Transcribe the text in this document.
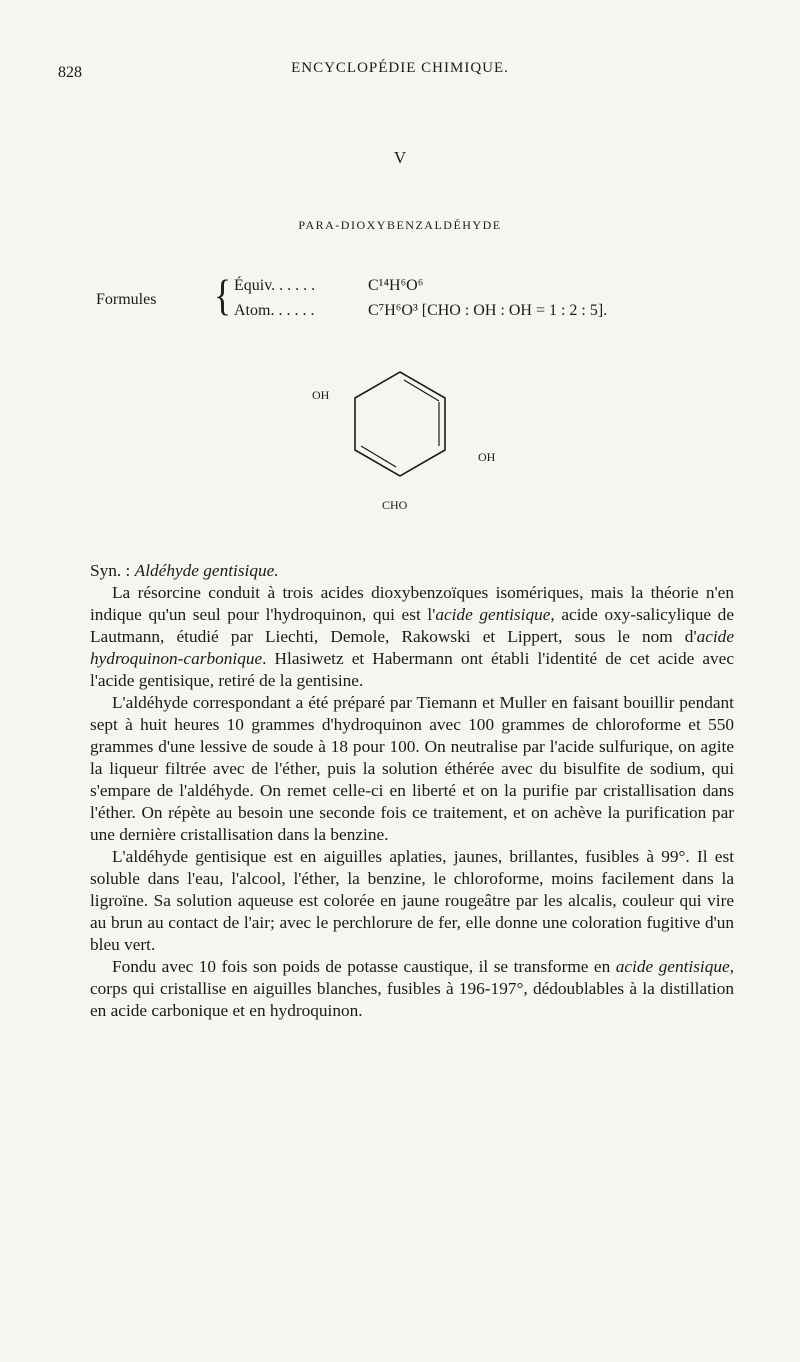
828	ENCYCLOPÉDIE CHIMIQUE.
V
PARA-DIOXYBENZALDÉHYDE
Formules { Équiv. . . . . .	C¹⁴H⁶O⁶
Atom. . . . . .	C⁷H⁶O³ [CHO : OH : OH = 1 : 2 : 5].
OH
OH
CHO

Syn. : Aldéhyde gentisique.

La résorcine conduit à trois acides dioxybenzoïques isomériques, mais la théorie n'en indique qu'un seul pour l'hydroquinon, qui est l'acide gentisique, acide oxy-salicylique de Lautmann, étudié par Liechti, Demole, Rakowski et Lippert, sous le nom d'acide hydroquinon-carbonique. Hlasiwetz et Habermann ont établi l'identité de cet acide avec l'acide gentisique, retiré de la gentisine.

L'aldéhyde correspondant a été préparé par Tiemann et Muller en faisant bouillir pendant sept à huit heures 10 grammes d'hydroquinon avec 100 grammes de chloroforme et 550 grammes d'une lessive de soude à 18 pour 100. On neutralise par l'acide sulfurique, on agite la liqueur filtrée avec de l'éther, puis la solution éthérée avec du bisulfite de sodium, qui s'empare de l'aldéhyde. On remet celle-ci en liberté et on la purifie par cristallisation dans l'éther. On répète au besoin une seconde fois ce traitement, et on achève la purification par une dernière cristallisation dans la benzine.

L'aldéhyde gentisique est en aiguilles aplaties, jaunes, brillantes, fusibles à 99°. Il est soluble dans l'eau, l'alcool, l'éther, la benzine, le chloroforme, moins facilement dans la ligroïne. Sa solution aqueuse est colorée en jaune rougeâtre par les alcalis, couleur qui vire au brun au contact de l'air; avec le perchlorure de fer, elle donne une coloration fugitive d'un bleu vert.

Fondu avec 10 fois son poids de potasse caustique, il se transforme en acide gentisique, corps qui cristallise en aiguilles blanches, fusibles à 196-197°, dédoublables à la distillation en acide carbonique et en hydroquinon.
